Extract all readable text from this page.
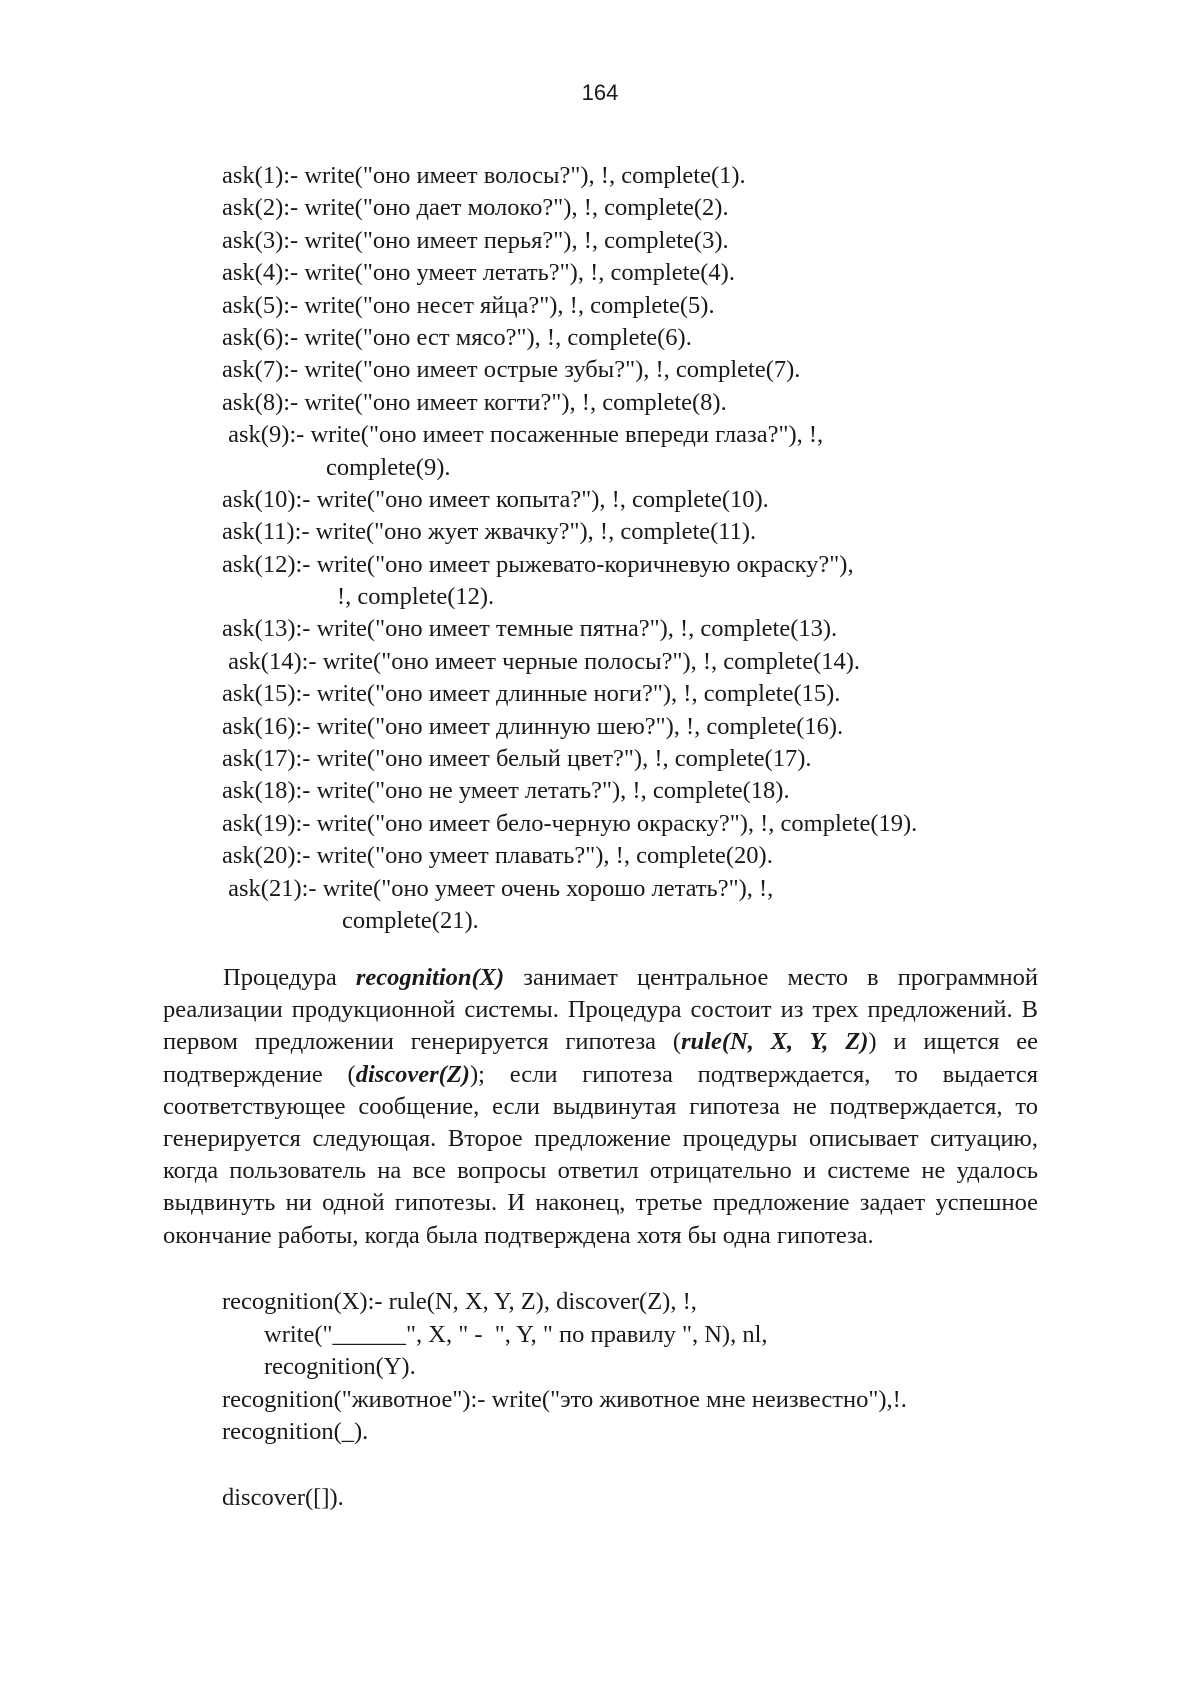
164
ask(1):- write("оно имеет волосы?"), !, complete(1).
ask(2):- write("оно дает молоко?"), !, complete(2).
ask(3):- write("оно имеет перья?"), !, complete(3).
ask(4):- write("оно умеет летать?"), !, complete(4).
ask(5):- write("оно несет яйца?"), !, complete(5).
ask(6):- write("оно ест мясо?"), !, complete(6).
ask(7):- write("оно имеет острые зубы?"), !, complete(7).
ask(8):- write("оно имеет когти?"), !, complete(8).
ask(9):- write("оно имеет посаженные впереди глаза?"), !,
complete(9).
ask(10):- write("оно имеет копыта?"), !, complete(10).
ask(11):- write("оно жует жвачку?"), !, complete(11).
ask(12):- write("оно имеет рыжевато-коричневую окраску?"),
!, complete(12).
ask(13):- write("оно имеет темные пятна?"), !, complete(13).
ask(14):- write("оно имеет черные полосы?"), !, complete(14).
ask(15):- write("оно имеет длинные ноги?"), !, complete(15).
ask(16):- write("оно имеет длинную шею?"), !, complete(16).
ask(17):- write("оно имеет белый цвет?"), !, complete(17).
ask(18):- write("оно не умеет летать?"), !, complete(18).
ask(19):- write("оно имеет бело-черную окраску?"), !, complete(19).
ask(20):- write("оно умеет плавать?"), !, complete(20).
ask(21):- write("оно умеет очень хорошо летать?"), !,
complete(21).
Процедура recognition(X) занимает центральное место в программной реализации продукционной системы. Процедура состоит из трех предложений. В первом предложении генерируется гипотеза (rule(N, X, Y, Z)) и ищется ее подтверждение (discover(Z)); если гипотеза подтверждается, то выдается соответствующее сообщение, если выдвинутая гипотеза не подтверждается, то генерируется следующая. Второе предложение процедуры описывает ситуацию, когда пользователь на все вопросы ответил отрицательно и системе не удалось выдвинуть ни одной гипотезы. И наконец, третье предложение задает успешное окончание работы, когда была подтверждена хотя бы одна гипотеза.
recognition(X):- rule(N, X, Y, Z), discover(Z), !,
write("______", X, " -  ", Y, " по правилу ", N), nl,
recognition(Y).
recognition("животное"):- write("это животное мне неизвестно"),!.
recognition(_).
discover([]).
